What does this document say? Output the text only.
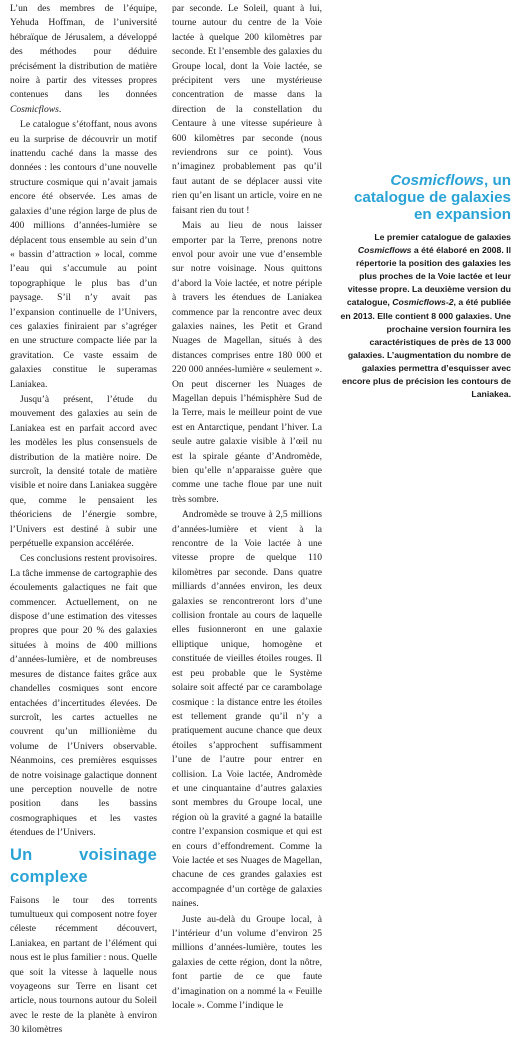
L’un des membres de l’équipe, Yehuda Hoffman, de l’université hébraïque de Jérusalem, a développé des méthodes pour déduire précisément la distribution de matière noire à partir des vitesses propres contenues dans les données Cosmicflows.

Le catalogue s’étoffant, nous avons eu la surprise de découvrir un motif inattendu caché dans la masse des données : les contours d’une nouvelle structure cosmique qui n’avait jamais encore été observée. Les amas de galaxies d’une région large de plus de 400 millions d’années-lumière se déplacent tous ensemble au sein d’un « bassin d’attraction » local, comme l’eau qui s’accumule au point topographique le plus bas d’un paysage. S’il n’y avait pas l’expansion continuelle de l’Univers, ces galaxies finiraient par s’agréger en une structure compacte liée par la gravitation. Ce vaste essaim de galaxies constitue le superamas Laniakea.

Jusqu’à présent, l’étude du mouvement des galaxies au sein de Laniakea est en parfait accord avec les modèles les plus consensuels de distribution de la matière noire. De surcroît, la densité totale de matière visible et noire dans Laniakea suggère que, comme le pensaient les théoriciens de l’énergie sombre, l’Univers est destiné à subir une perpétuelle expansion accélérée.

Ces conclusions restent provisoires. La tâche immense de cartographie des écoulements galactiques ne fait que commencer. Actuellement, on ne dispose d’une estimation des vitesses propres que pour 20 % des galaxies situées à moins de 400 millions d’années-lumière, et de nombreuses mesures de distance faites grâce aux chandelles cosmiques sont encore entachées d’incertitudes élevées. De surcroît, les cartes actuelles ne couvrent qu’un millionième du volume de l’Univers observable. Néanmoins, ces premières esquisses de notre voisinage galactique donnent une perception nouvelle de notre position dans les bassins cosmographiques et les vastes étendues de l’Univers.

Un voisinage complexe

Faisons le tour des torrents tumultueux qui composent notre foyer céleste récemment découvert, Laniakea, en partant de l’élément qui nous est le plus familier : nous. Quelle que soit la vitesse à laquelle nous voyageons sur Terre en lisant cet article, nous tournons autour du Soleil avec le reste de la planète à environ 30 kilomètres

par seconde. Le Soleil, quant à lui, tourne autour du centre de la Voie lactée à quelque 200 kilomètres par seconde. Et l’ensemble des galaxies du Groupe local, dont la Voie lactée, se précipitent vers une mystérieuse concentration de masse dans la direction de la constellation du Centaure à une vitesse supérieure à 600 kilomètres par seconde (nous reviendrons sur ce point). Vous n’imaginez probablement pas qu’il faut autant de se déplacer aussi vite rien qu’en lisant un article, voire en ne faisant rien du tout !

Mais au lieu de nous laisser emporter par la Terre, prenons notre envol pour avoir une vue d’ensemble sur notre voisinage. Nous quittons d’abord la Voie lactée, et notre périple à travers les étendues de Laniakea commence par la rencontre avec deux galaxies naines, les Petit et Grand Nuages de Magellan, situés à des distances comprises entre 180 000 et 220 000 années-lumière « seulement ». On peut discerner les Nuages de Magellan depuis l’hémisphère Sud de la Terre, mais le meilleur point de vue est en Antarctique, pendant l’hiver. La seule autre galaxie visible à l’œil nu est la spirale géante d’Andromède, bien qu’elle n’apparaisse guère que comme une tache floue par une nuit très sombre.

Andromède se trouve à 2,5 millions d’années-lumière et vient à la rencontre de la Voie lactée à une vitesse propre de quelque 110 kilomètres par seconde. Dans quatre milliards d’années environ, les deux galaxies se rencontreront lors d’une collision frontale au cours de laquelle elles fusionneront en une galaxie elliptique unique, homogène et constituée de vieilles étoiles rouges. Il est peu probable que le Système solaire soit affecté par ce carambolage cosmique : la distance entre les étoiles est tellement grande qu’il n’y a pratiquement aucune chance que deux étoiles s’approchent suffisamment l’une de l’autre pour entrer en collision. La Voie lactée, Andromède et une cinquantaine d’autres galaxies sont membres du Groupe local, une région où la gravité a gagné la bataille contre l’expansion cosmique et qui est en cours d’effondrement. Comme la Voie lactée et ses Nuages de Magellan, chacune de ces grandes galaxies est accompagnée d’un cortège de galaxies naines.

Juste au-delà du Groupe local, à l’intérieur d’un volume d’environ 25 millions d’années-lumière, toutes les galaxies de cette région, dont la nôtre, font partie de ce que faute d’imagination on a nommé la « Feuille locale ». Comme l’indique le

Cosmicflows, un catalogue de galaxies en expansion

Le premier catalogue de galaxies Cosmicflows a été élaboré en 2008. Il répertorie la position des galaxies les plus proches de la Voie lactée et leur vitesse propre. La deuxième version du catalogue, Cosmicflows-2, a été publiée en 2013. Elle contient 8 000 galaxies. Une prochaine version fournira les caractéristiques de près de 13 000 galaxies. L’augmentation du nombre de galaxies permettra d’esquisser avec encore plus de précision les contours de Laniakea.
